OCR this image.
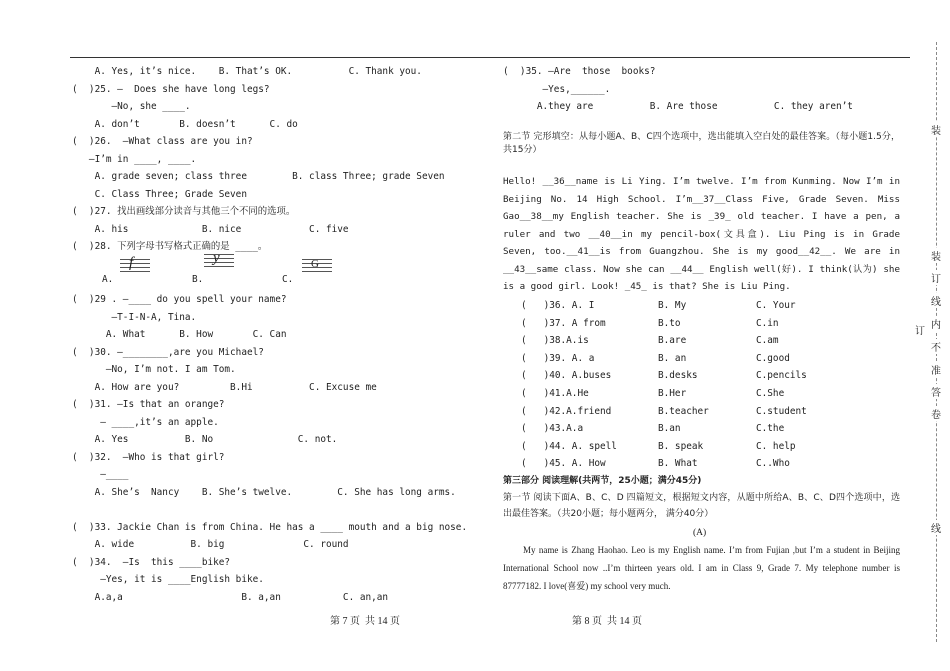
A. Yes, it’s nice.    B. That’s OK.          C. Thank you.
(  )25. —  Does she have long legs?
—No, she ____.
A. don’t       B. doesn’t      C. do
(  )26.  —What class are you in?
—I’m in ____, ____.
A. grade seven; class three        B. class Three; grade Seven
C. Class Three; Grade Seven
(  )27. 找出画线部分读音与其他三个不同的选项。
A. his             B. nice            C. five
(  )28. 下列字母书写格式正确的是 ____。
A.
f
B.
y
C.
G
(  )29 . —____ do you spell your name?
—T-I-N-A, Tina.
A. What      B. How       C. Can
(  )30. —________,are you Michael?
—No, I’m not. I am Tom.
A. How are you?         B.Hi          C. Excuse me
(  )31. —Is that an orange?
— ____,it’s an apple.
A. Yes          B. No               C. not.
(  )32.  —Who is that girl?
—____
A. She’s  Nancy    B. She’s twelve.        C. She has long arms.
(  )33. Jackie Chan is from China. He has a ____ mouth and a big nose.
A. wide          B. big              C. round
(  )34.  —Is  this ____bike?
—Yes, it is ____English bike.
A.a,a                     B. a,an           C. an,an
(  )35. —Are  those  books?
—Yes,______.
A.they are          B. Are those          C. they aren’t
第二节 完形填空：从每小题A、B、C四个选项中，选出能填入空白处的最佳答案。（每小题1.5分，共15分）
Hello! __36__name is Li Ying. I’m twelve. I’m from Kunming. Now I’m in Beijing No. 14 High School. I’m__37__Class Five, Grade Seven. Miss Gao__38__my English teacher. She is _39_ old teacher. I have a pen, a ruler and two __40__in my pencil-box(文具盒). Liu Ping is in Grade Seven, too.__41__is from Guangzhou. She is my good__42__. We are in __43__same class. Now she can __44__ English well(好). I think(认为) she is a good girl. Look! _45_ is that? She is Liu Ping.
(   )36. A. I	B. My	C. Your
(   )37. A from	B.to	C.in
(   )38.A.is	B.are	C.am
(   )39. A. a	B. an	C.good
(   )40. A.buses	B.desks	C.pencils
(   )41.A.He	B.Her	C.She
(   )42.A.friend	B.teacher	C.student
(   )43.A.a	B.an	C.the
(   )44. A. spell	B. speak	C. help
(   )45. A. How	B. What	C..Who
第三部分 阅读理解(共两节，25小题；满分45分)
第一节 阅读下面A、B、C、D 四篇短文，根据短文内容，从题中所给A、B、C、D四个选项中，选出最佳答案。（共20小题；每小题两分， 满分40分）
(A)
My name is Zhang Haohao. Leo is my English name. I’m from Fujian ,but I’m a student in Beijing International School now ..I’m thirteen years old. I am in Class 9, Grade 7. My telephone number is 87777182. I love(喜爱) my school very much.
第 7 页  共 14 页	第 8 页  共 14 页
装
装
订
线
内
不
准
答
卷
订
线
